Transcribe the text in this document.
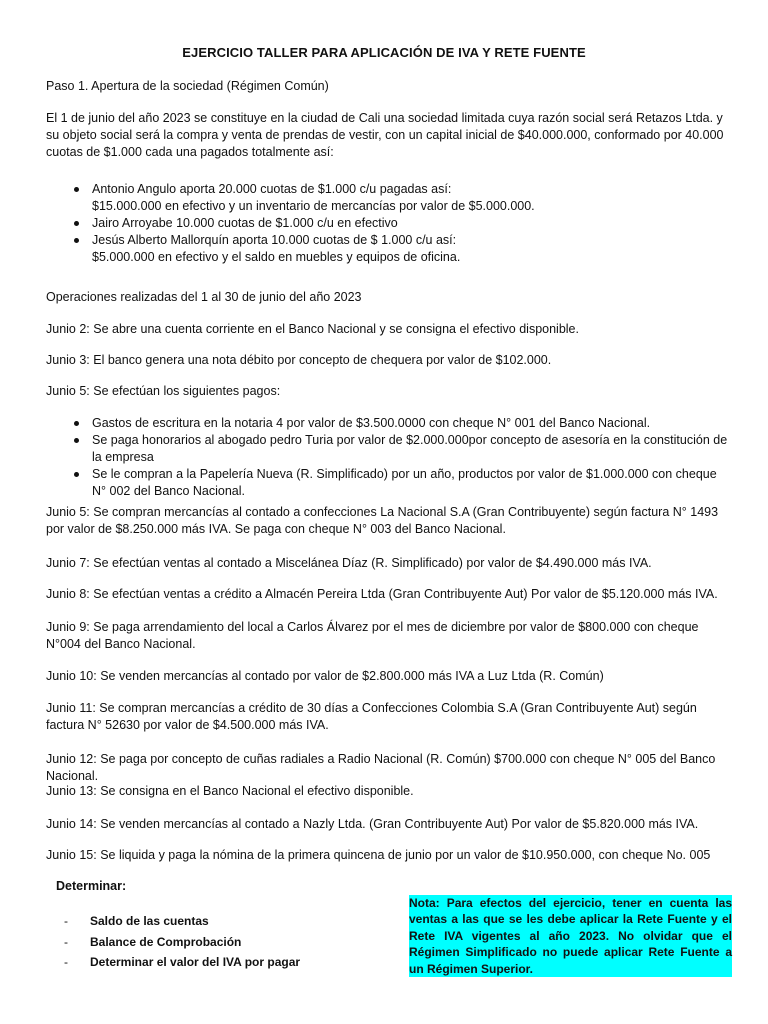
EJERCICIO TALLER PARA APLICACIÓN DE IVA Y RETE FUENTE

Paso 1. Apertura de la sociedad (Régimen Común)

El 1 de junio del año 2023 se constituye en la ciudad de Cali una sociedad limitada cuya razón social será Retazos Ltda. y su objeto social será la compra y venta de prendas de vestir, con un capital inicial de $40.000.000, conformado por 40.000 cuotas de $1.000 cada una pagados totalmente así:

Antonio Angulo aporta 20.000 cuotas de $1.000 c/u pagadas así:
$15.000.000 en efectivo y un inventario de mercancías por valor de $5.000.000.
Jairo Arroyabe 10.000 cuotas de $1.000 c/u en efectivo
Jesús Alberto Mallorquín aporta 10.000 cuotas de $ 1.000 c/u así:
$5.000.000 en efectivo y el saldo en muebles y equipos de oficina.

Operaciones realizadas del 1 al 30 de junio del año 2023

Junio 2: Se abre una cuenta corriente en el Banco Nacional y se consigna el efectivo disponible.

Junio 3: El banco genera una nota débito por concepto de chequera por valor de $102.000.

Junio 5: Se efectúan los siguientes pagos:

Gastos de escritura en la notaria 4 por valor de $3.500.0000 con cheque N° 001 del Banco Nacional.
Se paga honorarios al abogado pedro Turia por valor de $2.000.000por concepto de asesoría en la constitución de la empresa
Se le compran a la Papelería Nueva (R. Simplificado) por un año, productos por valor de $1.000.000 con cheque N° 002 del Banco Nacional.

Junio 5: Se compran mercancías al contado a confecciones La Nacional S.A (Gran Contribuyente) según factura N° 1493 por valor de $8.250.000 más IVA. Se paga con cheque N° 003 del Banco Nacional.

Junio 7: Se efectúan ventas al contado a Miscelánea Díaz (R. Simplificado) por valor de $4.490.000 más IVA.

Junio 8: Se efectúan ventas a crédito a Almacén Pereira Ltda (Gran Contribuyente Aut) Por valor de $5.120.000 más IVA.

Junio 9: Se paga arrendamiento del local a Carlos Álvarez por el mes de diciembre por valor de $800.000 con cheque N°004 del Banco Nacional.

Junio 10: Se venden mercancías al contado por valor de $2.800.000 más IVA a Luz Ltda (R. Común)

Junio 11: Se compran mercancías a crédito de 30 días a Confecciones Colombia S.A (Gran Contribuyente Aut) según factura N° 52630 por valor de $4.500.000 más IVA.

Junio 12: Se paga por concepto de cuñas radiales a Radio Nacional (R. Común) $700.000 con cheque N° 005 del Banco Nacional.

Junio 13: Se consigna en el Banco Nacional el efectivo disponible.

Junio 14: Se venden mercancías al contado a Nazly Ltda. (Gran Contribuyente Aut) Por valor de $5.820.000 más IVA.

Junio 15: Se liquida y paga la nómina de la primera quincena de junio por un valor de $10.950.000, con cheque No. 005

Determinar:
- Saldo de las cuentas
- Balance de Comprobación
- Determinar el valor del IVA por pagar
Nota: Para efectos del ejercicio, tener en cuenta las ventas a las que se les debe aplicar la Rete Fuente y el Rete IVA vigentes al año 2023. No olvidar que el Régimen Simplificado no puede aplicar Rete Fuente a un Régimen Superior.
